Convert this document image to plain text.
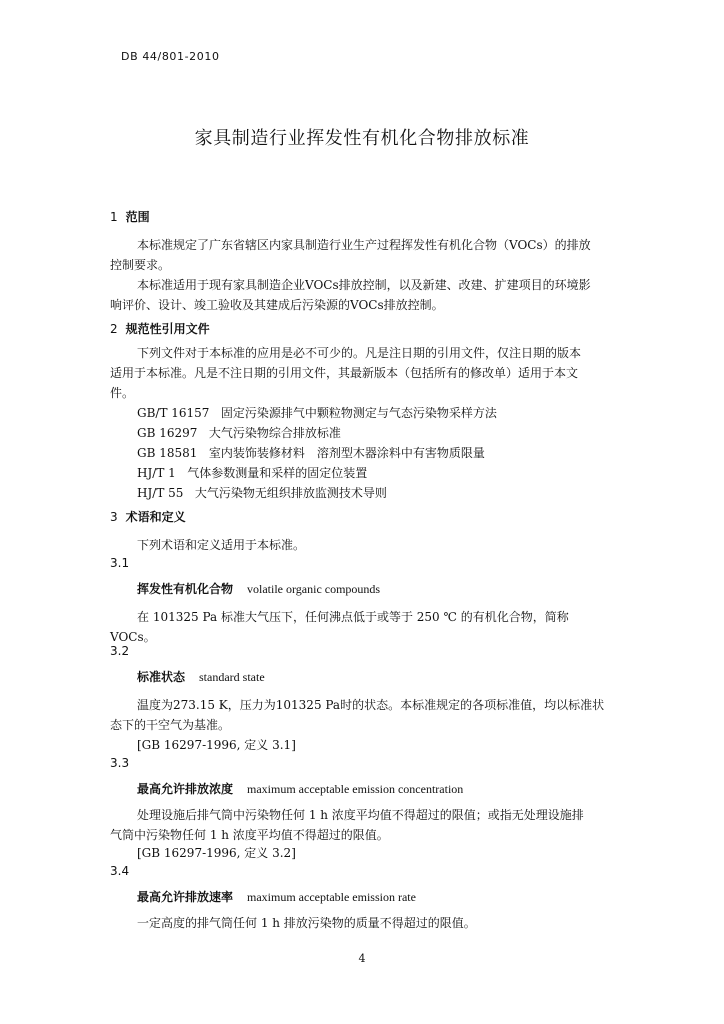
DB 44/801-2010
家具制造行业挥发性有机化合物排放标准
1 范围
本标准规定了广东省辖区内家具制造行业生产过程挥发性有机化合物（VOCs）的排放
控制要求。
本标准适用于现有家具制造企业VOCs排放控制，以及新建、改建、扩建项目的环境影
响评价、设计、竣工验收及其建成后污染源的VOCs排放控制。
2 规范性引用文件
下列文件对于本标准的应用是必不可少的。凡是注日期的引用文件，仅注日期的版本
适用于本标准。凡是不注日期的引用文件，其最新版本（包括所有的修改单）适用于本文
件。
GB/T 16157 固定污染源排气中颗粒物测定与气态污染物采样方法
GB 16297 大气污染物综合排放标准
GB 18581 室内装饰装修材料　溶剂型木器涂料中有害物质限量
HJ/T 1 气体参数测量和采样的固定位装置
HJ/T 55 大气污染物无组织排放监测技术导则
3 术语和定义
下列术语和定义适用于本标准。
3.1
挥发性有机化合物 volatile organic compounds
在 101325 Pa 标准大气压下，任何沸点低于或等于 250 ℃ 的有机化合物，简称
VOCs。
3.2
标准状态 standard state
温度为273.15 K，压力为101325 Pa时的状态。本标准规定的各项标准值，均以标准状
态下的干空气为基准。
[GB 16297-1996, 定义 3.1]
3.3
最高允许排放浓度 maximum acceptable emission concentration
处理设施后排气筒中污染物任何 1 h 浓度平均值不得超过的限值；或指无处理设施排
气筒中污染物任何 1 h 浓度平均值不得超过的限值。
[GB 16297-1996, 定义 3.2]
3.4
最高允许排放速率 maximum acceptable emission rate
一定高度的排气筒任何 1 h 排放污染物的质量不得超过的限值。
4
